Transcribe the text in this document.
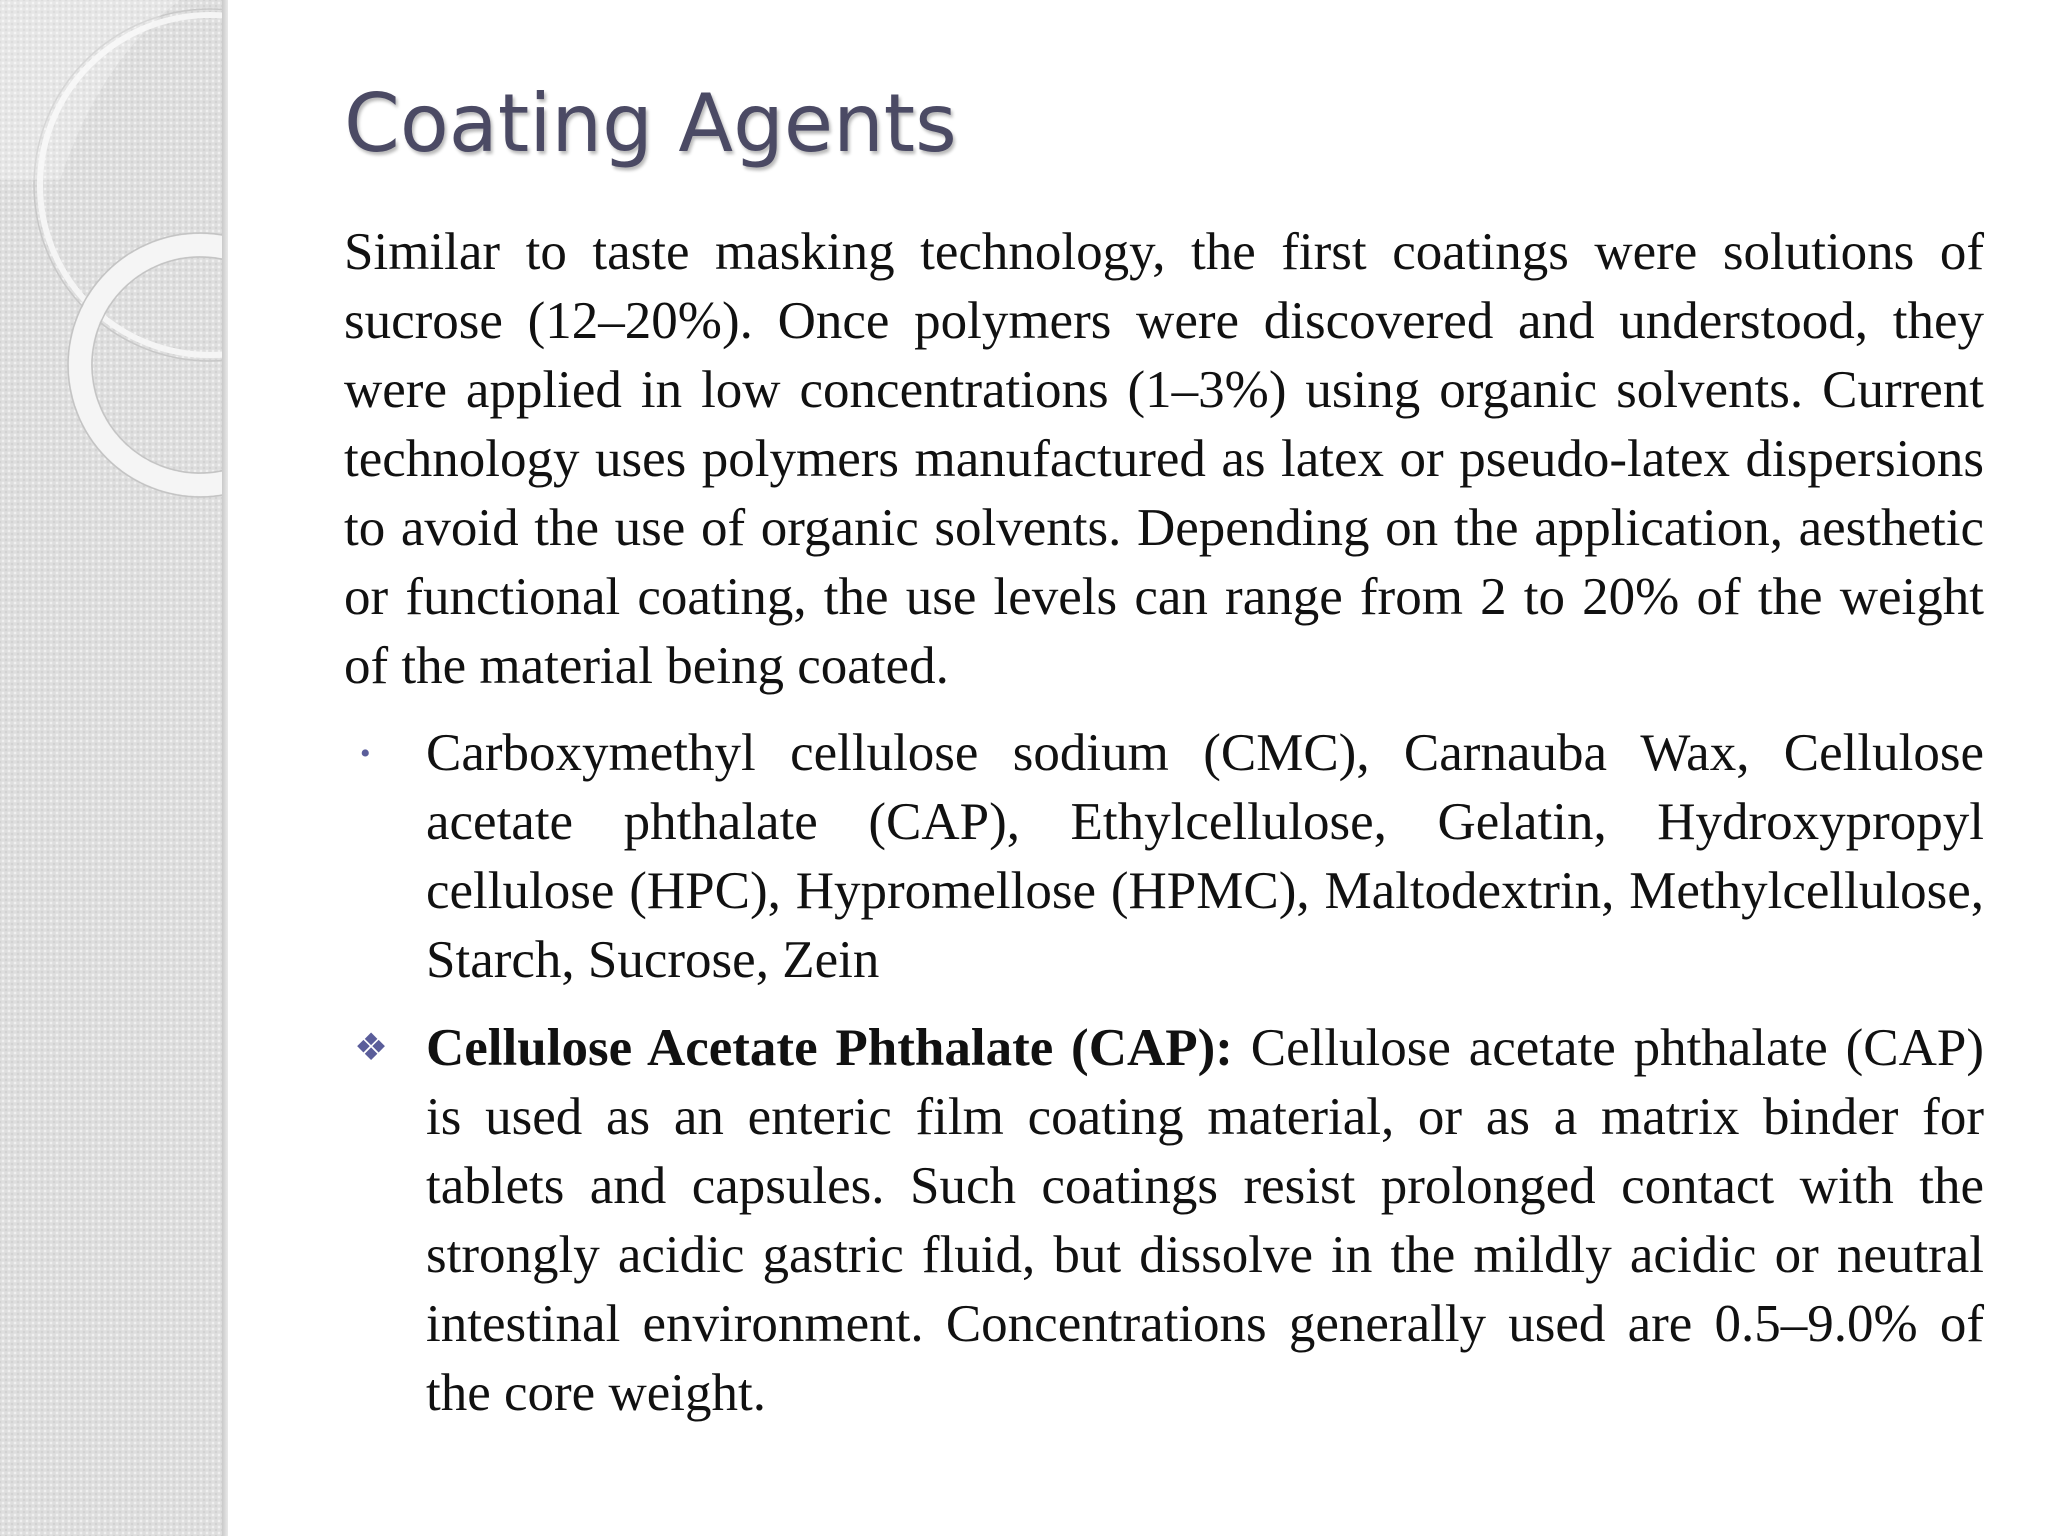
Coating Agents

Similar to taste masking technology, the first coatings were solutions of sucrose (12–20%). Once polymers were discovered and understood, they were applied in low concentrations (1–3%) using organic solvents. Current technology uses polymers manufactured as latex or pseudo-latex dispersions to avoid the use of organic solvents. Depending on the application, aesthetic or functional coating, the use levels can range from 2 to 20% of the weight of the material being coated.

• Carboxymethyl cellulose sodium (CMC), Carnauba Wax, Cellulose acetate phthalate (CAP), Ethylcellulose, Gelatin, Hydroxypropyl cellulose (HPC), Hypromellose (HPMC), Maltodextrin, Methylcellulose, Starch, Sucrose, Zein
❖ Cellulose Acetate Phthalate (CAP): Cellulose acetate phthalate (CAP) is used as an enteric film coating material, or as a matrix binder for tablets and capsules. Such coatings resist prolonged contact with the strongly acidic gastric fluid, but dissolve in the mildly acidic or neutral intestinal environment. Concentrations generally used are 0.5–9.0% of the core weight.
